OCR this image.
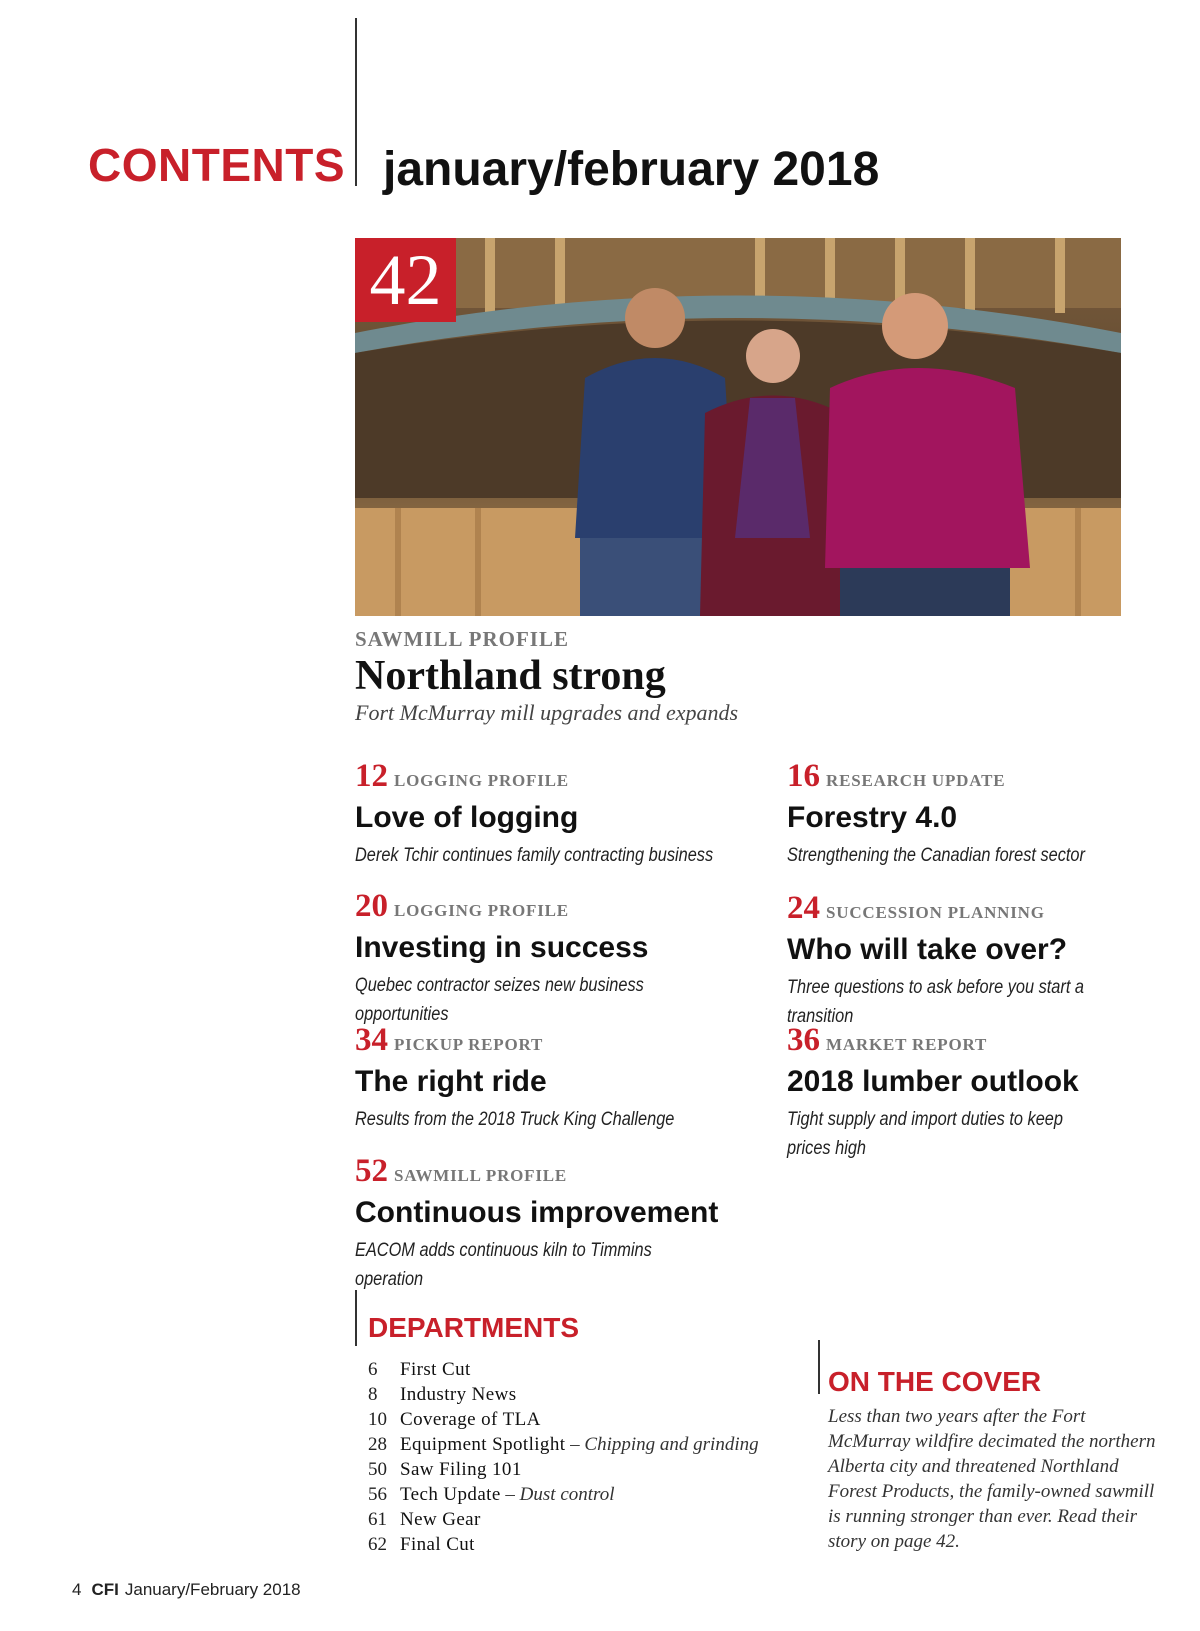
CONTENTS january/february 2018
42
SAWMILL PROFILE
Northland strong
Fort McMurray mill upgrades and expands
12 LOGGING PROFILE
Love of logging
Derek Tchir continues family contracting business
16 RESEARCH UPDATE
Forestry 4.0
Strengthening the Canadian forest sector
20 LOGGING PROFILE
Investing in success
Quebec contractor seizes new business opportunities
24 SUCCESSION PLANNING
Who will take over?
Three questions to ask before you start a transition
34 PICKUP REPORT
The right ride
Results from the 2018 Truck King Challenge
36 MARKET REPORT
2018 lumber outlook
Tight supply and import duties to keep prices high
52 SAWMILL PROFILE
Continuous improvement
EACOM adds continuous kiln to Timmins operation
DEPARTMENTS
6 First Cut
8 Industry News
10 Coverage of TLA
28 Equipment Spotlight – Chipping and grinding
50 Saw Filing 101
56 Tech Update – Dust control
61 New Gear
62 Final Cut
ON THE COVER
Less than two years after the Fort McMurray wildfire decimated the northern Alberta city and threatened Northland Forest Products, the family-owned sawmill is running stronger than ever. Read their story on page 42.
4 CFI January/February 2018
